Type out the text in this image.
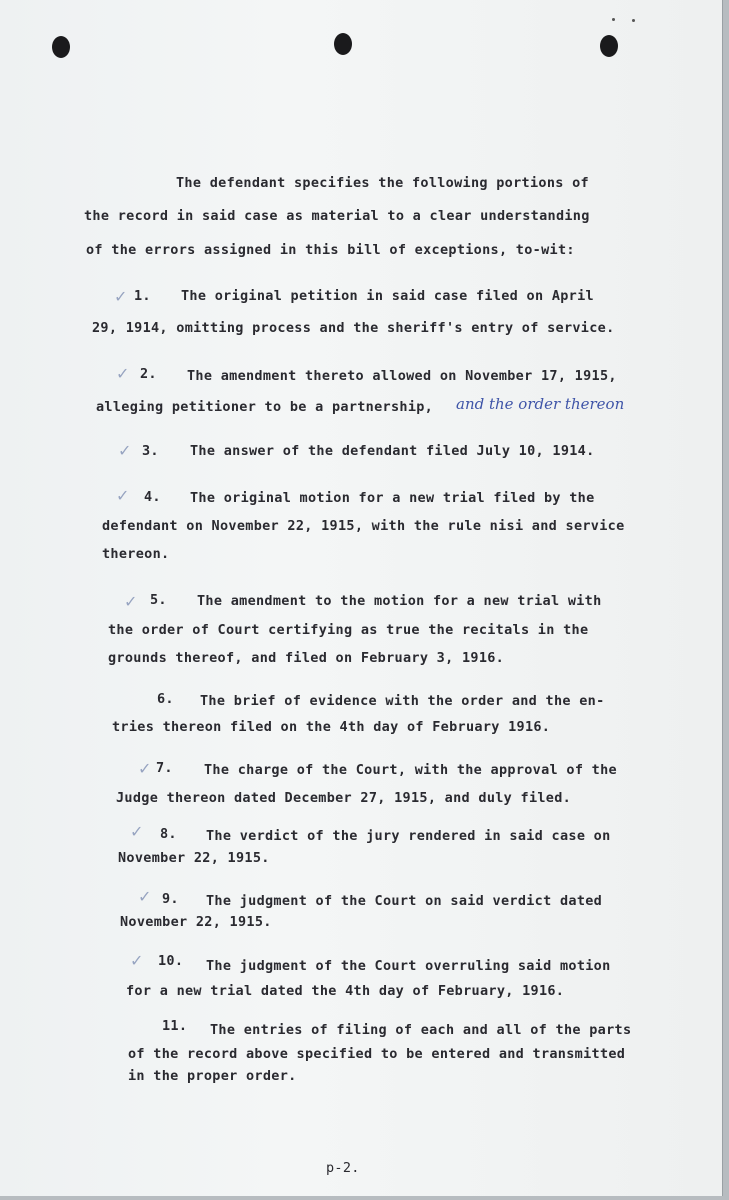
The defendant specifies the following portions of
the record in said case as material to a clear understanding
of the errors assigned in this bill of exceptions, to-wit:
✓ 1. The original petition in said case filed on April
29, 1914, omitting process and the sheriff's entry of service.
✓ 2. The amendment thereto allowed on November 17, 1915,
alleging petitioner to be a partnership, and the order thereon
✓ 3. The answer of the defendant filed July 10, 1914.
✓ 4. The original motion for a new trial filed by the
defendant on November 22, 1915, with the rule nisi and service
thereon.
✓ 5. The amendment to the motion for a new trial with
the order of Court certifying as true the recitals in the
grounds thereof, and filed on February 3, 1916.
6. The brief of evidence with the order and the en-
tries thereon filed on the 4th day of February 1916.
✓ 7. The charge of the Court, with the approval of the
Judge thereon dated December 27, 1915, and duly filed.
✓ 8. The verdict of the jury rendered in said case on
November 22, 1915.
✓ 9. The judgment of the Court on said verdict dated
November 22, 1915.
✓ 10. The judgment of the Court overruling said motion
for a new trial dated the 4th day of February, 1916.
11. The entries of filing of each and all of the parts
of the record above specified to be entered and transmitted
in the proper order.
p-2.
